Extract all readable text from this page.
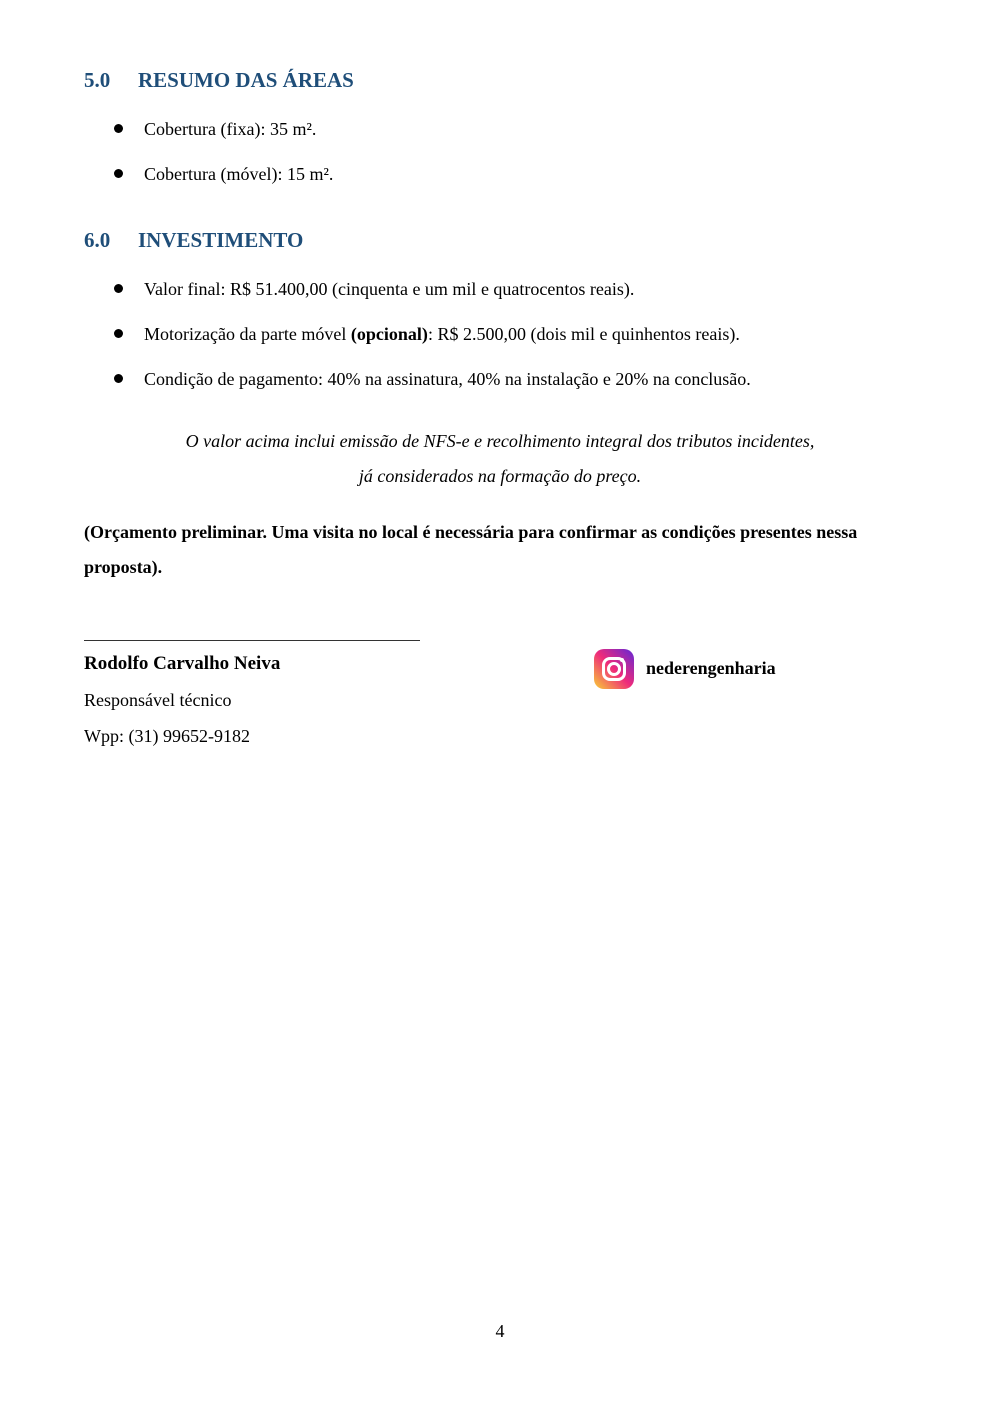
5.0 RESUMO DAS ÁREAS
Cobertura (fixa): 35 m².
Cobertura (móvel): 15 m².
6.0 INVESTIMENTO
Valor final: R$ 51.400,00 (cinquenta e um mil e quatrocentos reais).
Motorização da parte móvel (opcional): R$ 2.500,00 (dois mil e quinhentos reais).
Condição de pagamento: 40% na assinatura, 40% na instalação e 20% na conclusão.
O valor acima inclui emissão de NFS-e e recolhimento integral dos tributos incidentes,
já considerados na formação do preço.
(Orçamento preliminar. Uma visita no local é necessária para confirmar as condições presentes nessa proposta).
Rodolfo Carvalho Neiva
Responsável técnico
Wpp: (31) 99652-9182
nederengenharia
4
